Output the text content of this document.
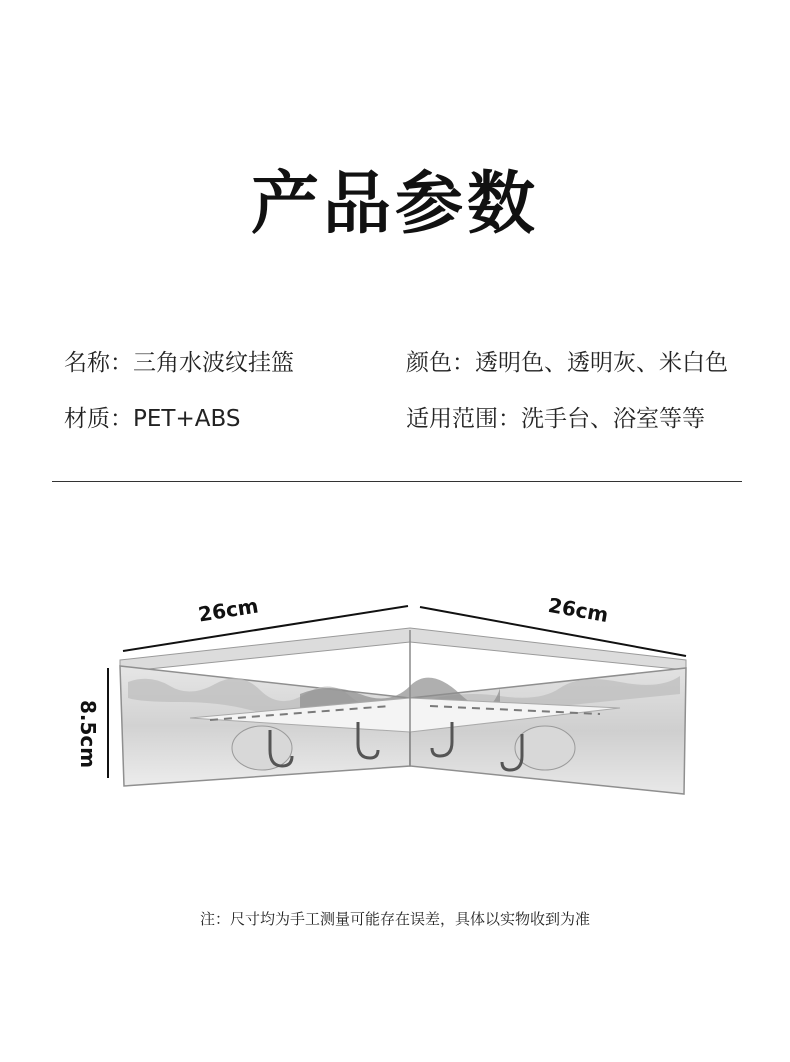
产品参数
名称：三角水波纹挂篮	颜色：透明色、透明灰、米白色
材质：PET+ABS	适用范围：洗手台、浴室等等
26cm	26cm
8.5cm
注：尺寸均为手工测量可能存在误差，具体以实物收到为准
